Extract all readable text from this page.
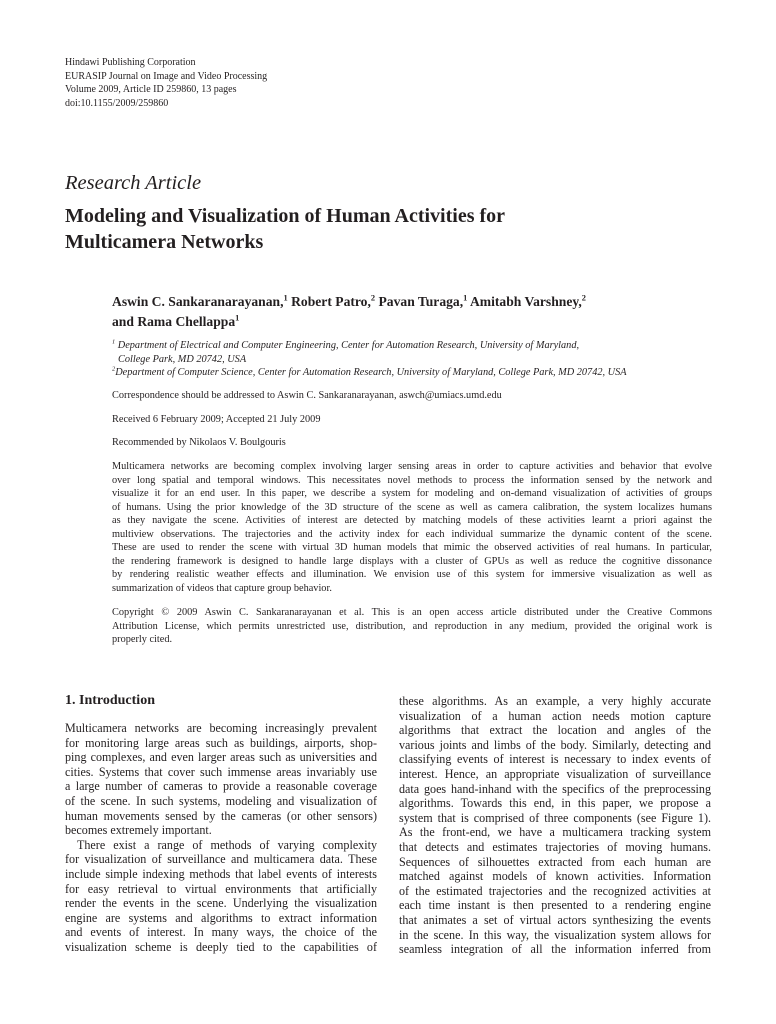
Hindawi Publishing Corporation
EURASIP Journal on Image and Video Processing
Volume 2009, Article ID 259860, 13 pages
doi:10.1155/2009/259860
Research Article
Modeling and Visualization of Human Activities for
Multicamera Networks
Aswin C. Sankaranarayanan,$^1$ Robert Patro,$^2$ Pavan Turaga,$^1$ Amitabh Varshney,$^2$
and Rama Chellappa$^1$
$^1$ Department of Electrical and Computer Engineering, Center for Automation Research, University of Maryland,
College Park, MD 20742, USA
$^2$Department of Computer Science, Center for Automation Research, University of Maryland, College Park, MD 20742, USA
Correspondence should be addressed to Aswin C. Sankaranarayanan, aswch@umiacs.umd.edu
Received 6 February 2009; Accepted 21 July 2009
Recommended by Nikolaos V. Boulgouris
Multicamera networks are becoming complex involving larger sensing areas in order to capture activities and behavior that evolve
over long spatial and temporal windows. This necessitates novel methods to process the information sensed by the network and
visualize it for an end user. In this paper, we describe a system for modeling and on-demand visualization of activities of groups
of humans. Using the prior knowledge of the 3D structure of the scene as well as camera calibration, the system localizes humans
as they navigate the scene. Activities of interest are detected by matching models of these activities learnt a priori against the
multiview observations. The trajectories and the activity index for each individual summarize the dynamic content of the scene.
These are used to render the scene with virtual 3D human models that mimic the observed activities of real humans. In particular,
the rendering framework is designed to handle large displays with a cluster of GPUs as well as reduce the cognitive dissonance
by rendering realistic weather effects and illumination. We envision use of this system for immersive visualization as well as
summarization of videos that capture group behavior.
Copyright © 2009 Aswin C. Sankaranarayanan et al. This is an open access article distributed under the Creative Commons
Attribution License, which permits unrestricted use, distribution, and reproduction in any medium, provided the original work is
properly cited.
1. Introduction
Multicamera networks are becoming increasingly prevalent
for monitoring large areas such as buildings, airports, shop-
ping complexes, and even larger areas such as universities and
cities. Systems that cover such immense areas invariably use
a large number of cameras to provide a reasonable coverage
of the scene. In such systems, modeling and visualization of
human movements sensed by the cameras (or other sensors)
becomes extremely important.
There exist a range of methods of varying complexity
for visualization of surveillance and multicamera data. These
include simple indexing methods that label events of interests
for easy retrieval to virtual environments that artificially
render the events in the scene. Underlying the visualization
engine are systems and algorithms to extract information
and events of interest. In many ways, the choice of the
visualization scheme is deeply tied to the capabilities of
these algorithms. As an example, a very highly accurate
visualization of a human action needs motion capture
algorithms that extract the location and angles of the
various joints and limbs of the body. Similarly, detecting and
classifying events of interest is necessary to index events of
interest. Hence, an appropriate visualization of surveillance
data goes hand-inhand with the specifics of the preprocessing
algorithms. Towards this end, in this paper, we propose a
system that is comprised of three components (see Figure 1).
As the front-end, we have a multicamera tracking system
that detects and estimates trajectories of moving humans.
Sequences of silhouettes extracted from each human are
matched against models of known activities. Information
of the estimated trajectories and the recognized activities at
each time instant is then presented to a rendering engine
that animates a set of virtual actors synthesizing the events
in the scene. In this way, the visualization system allows for
seamless integration of all the information inferred from
